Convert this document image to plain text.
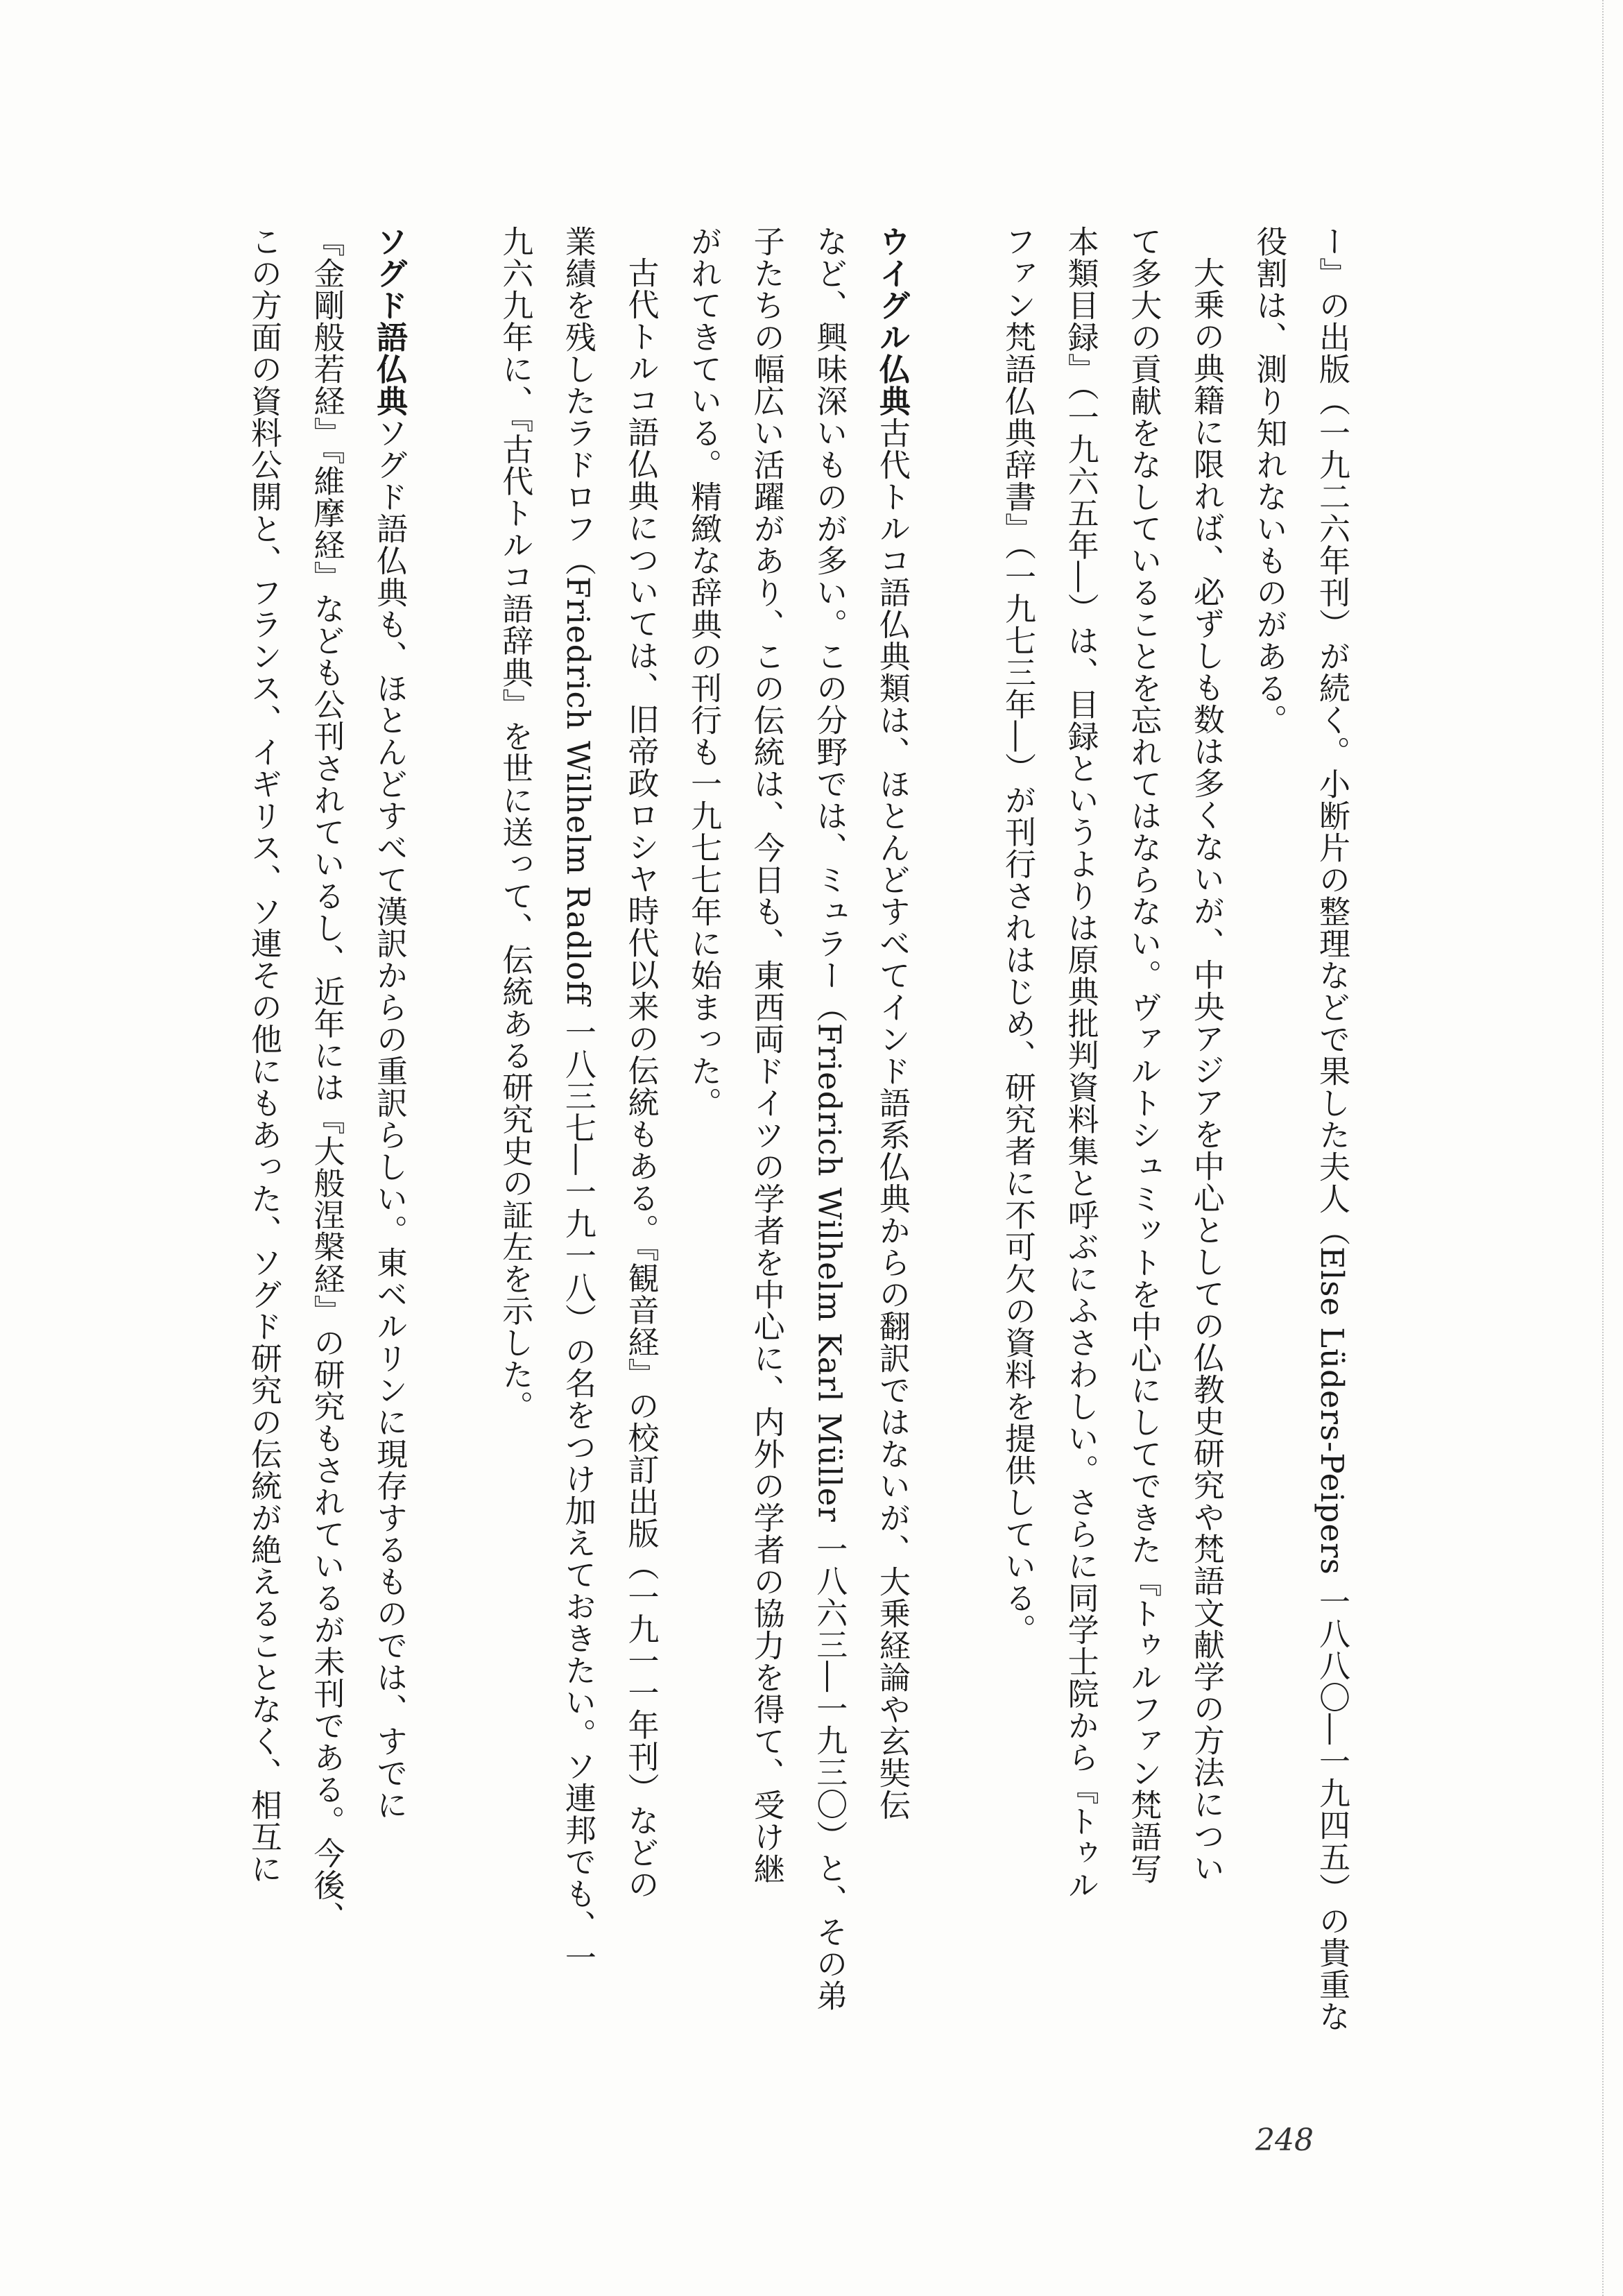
ー』の出版（一九二六年刊）が続く。小断片の整理などで果した夫人（Else Lüders-Peipers 一八八〇―一九四五）の貴重な
役割は、測り知れないものがある。
大乗の典籍に限れば、必ずしも数は多くないが、中央アジアを中心としての仏教史研究や梵語文献学の方法につい
て多大の貢献をなしていることを忘れてはならない。ヴァルトシュミットを中心にしてできた『トゥルファン梵語写
本類目録』（一九六五年―）は、目録というよりは原典批判資料集と呼ぶにふさわしい。さらに同学士院から『トゥル
ファン梵語仏典辞書』（一九七三年―）が刊行されはじめ、研究者に不可欠の資料を提供している。

ウイグル仏典古代トルコ語仏典類は、ほとんどすべてインド語系仏典からの翻訳ではないが、大乗経論や玄奘伝
など、興味深いものが多い。この分野では、ミュラー（Friedrich Wilhelm Karl Müller 一八六三―一九三〇）と、その弟
子たちの幅広い活躍があり、この伝統は、今日も、東西両ドイツの学者を中心に、内外の学者の協力を得て、受け継
がれてきている。精緻な辞典の刊行も一九七七年に始まった。
古代トルコ語仏典については、旧帝政ロシヤ時代以来の伝統もある。『観音経』の校訂出版（一九一一年刊）などの
業績を残したラドロフ（Friedrich Wilhelm Radloff 一八三七―一九一八）の名をつけ加えておきたい。ソ連邦でも、一
九六九年に、『古代トルコ語辞典』を世に送って、伝統ある研究史の証左を示した。

ソグド語仏典ソグド語仏典も、ほとんどすべて漢訳からの重訳らしい。東ベルリンに現存するものでは、すでに
『金剛般若経』『維摩経』なども公刊されているし、近年には『大般涅槃経』の研究もされているが未刊である。今後、
この方面の資料公開と、フランス、イギリス、ソ連その他にもあった、ソグド研究の伝統が絶えることなく、相互に
248
